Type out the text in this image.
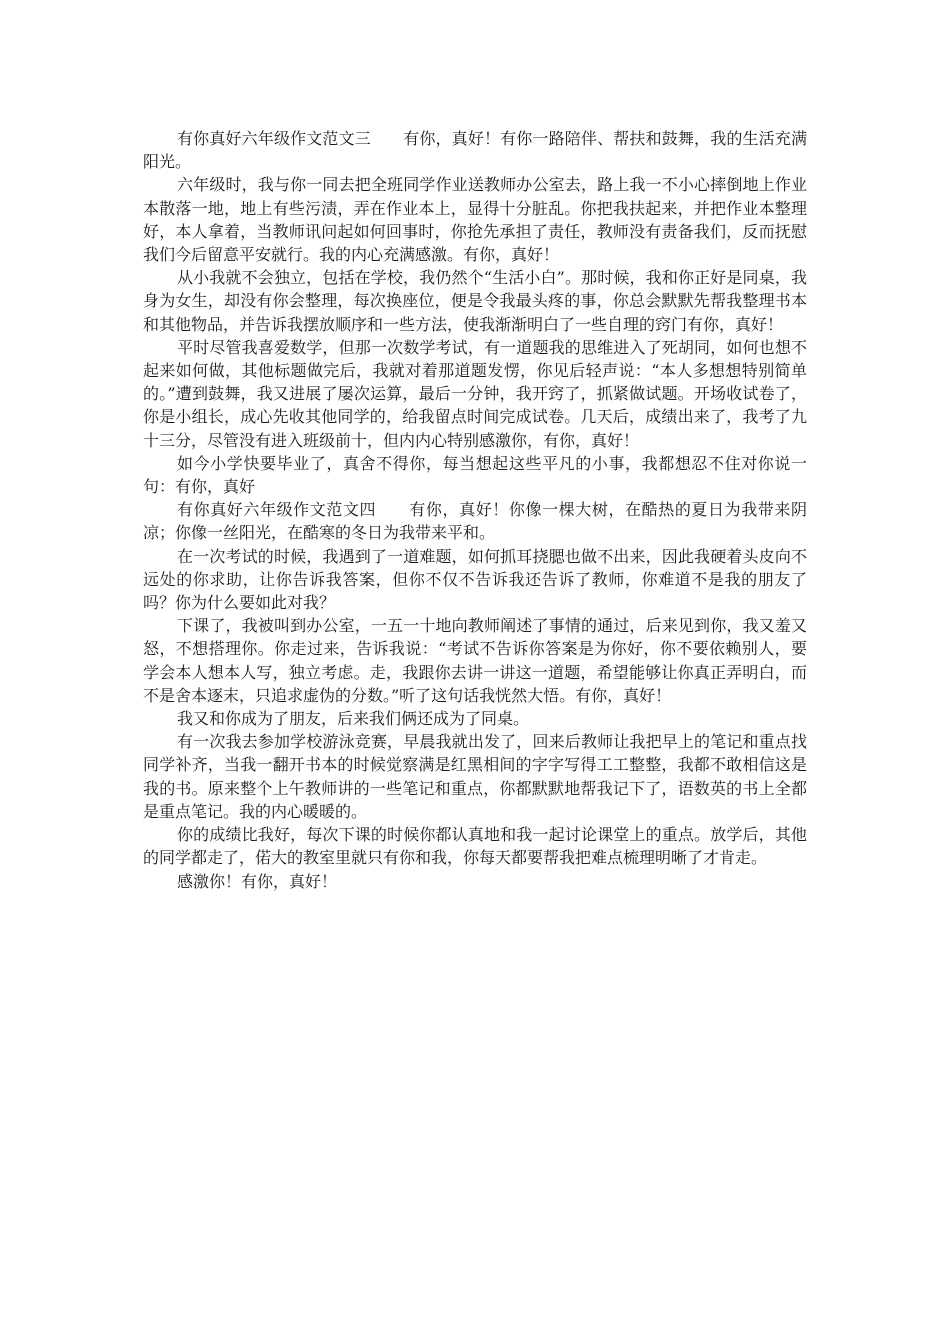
有你真好六年级作文范文三　　有你，真好！有你一路陪伴、帮扶和鼓舞，我的生活充满阳光。

六年级时，我与你一同去把全班同学作业送教师办公室去，路上我一不小心摔倒地上作业本散落一地，地上有些污渍，弄在作业本上，显得十分脏乱。你把我扶起来，并把作业本整理好，本人拿着，当教师讯问起如何回事时，你抢先承担了责任，教师没有责备我们，反而抚慰我们今后留意平安就行。我的内心充满感激。有你，真好！

从小我就不会独立，包括在学校，我仍然个“生活小白”。那时候，我和你正好是同桌，我身为女生，却没有你会整理，每次换座位，便是令我最头疼的事，你总会默默先帮我整理书本和其他物品，并告诉我摆放顺序和一些方法，使我渐渐明白了一些自理的窍门有你，真好！

平时尽管我喜爱数学，但那一次数学考试，有一道题我的思维进入了死胡同，如何也想不起来如何做，其他标题做完后，我就对着那道题发愣，你见后轻声说：“本人多想想特别简单的。”遭到鼓舞，我又进展了屡次运算，最后一分钟，我开窍了，抓紧做试题。开场收试卷了，你是小组长，成心先收其他同学的，给我留点时间完成试卷。几天后，成绩出来了，我考了九十三分，尽管没有进入班级前十，但内内心特别感激你，有你，真好！

如今小学快要毕业了，真舍不得你，每当想起这些平凡的小事，我都想忍不住对你说一句：有你，真好

有你真好六年级作文范文四　　有你，真好！你像一棵大树，在酷热的夏日为我带来阴凉；你像一丝阳光，在酷寒的冬日为我带来平和。

在一次考试的时候，我遇到了一道难题，如何抓耳挠腮也做不出来，因此我硬着头皮向不远处的你求助，让你告诉我答案，但你不仅不告诉我还告诉了教师，你难道不是我的朋友了吗？你为什么要如此对我？

下课了，我被叫到办公室，一五一十地向教师阐述了事情的通过，后来见到你，我又羞又怒，不想搭理你。你走过来，告诉我说：“考试不告诉你答案是为你好，你不要依赖别人，要学会本人想本人写，独立考虑。走，我跟你去讲一讲这一道题，希望能够让你真正弄明白，而不是舍本逐末，只追求虚伪的分数。”听了这句话我恍然大悟。有你，真好！

我又和你成为了朋友，后来我们俩还成为了同桌。

有一次我去参加学校游泳竞赛，早晨我就出发了，回来后教师让我把早上的笔记和重点找同学补齐，当我一翻开书本的时候觉察满是红黑相间的字字写得工工整整，我都不敢相信这是我的书。原来整个上午教师讲的一些笔记和重点，你都默默地帮我记下了，语数英的书上全都是重点笔记。我的内心暖暖的。

你的成绩比我好，每次下课的时候你都认真地和我一起讨论课堂上的重点。放学后，其他的同学都走了，偌大的教室里就只有你和我，你每天都要帮我把难点梳理明晰了才肯走。

感激你！有你，真好！
